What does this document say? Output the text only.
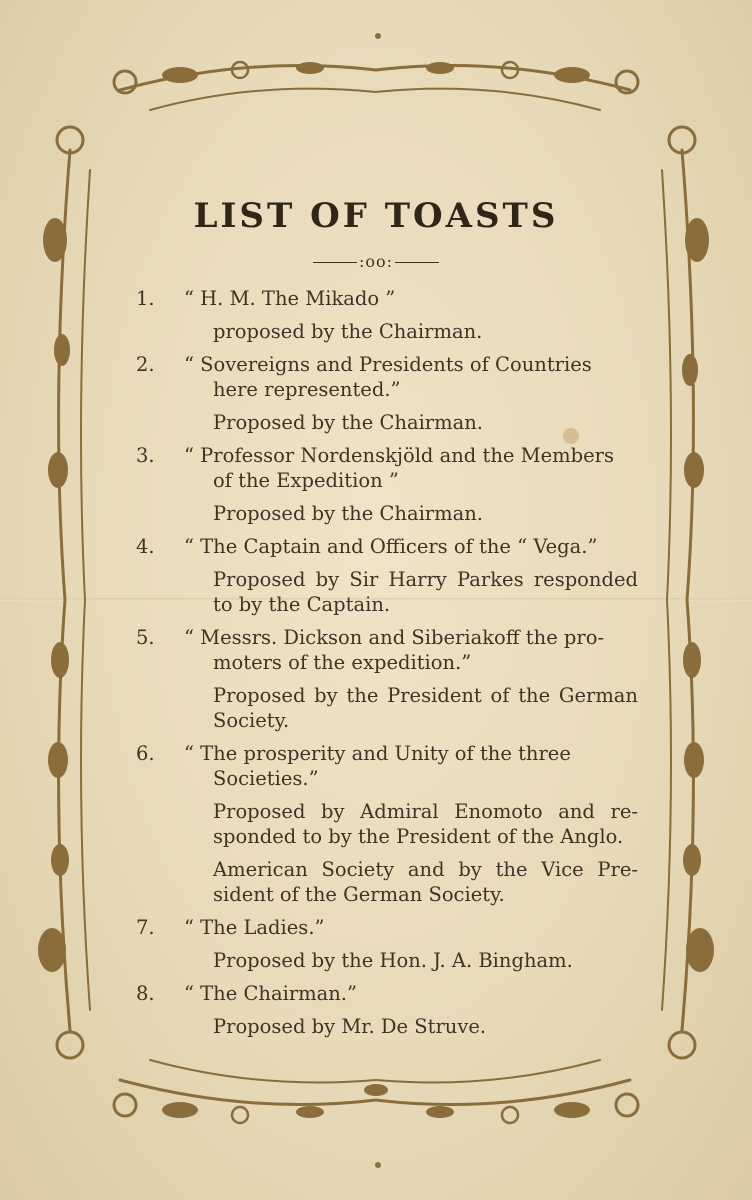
LIST OF TOASTS
:oo:
1.	“ H. M. The Mikado ”
proposed by the Chairman.
2.	“ Sovereigns and Presidents of Countries
here represented.”
Proposed by the Chairman.
3.	“ Professor Nordenskjöld and the Members
of the Expedition ”
Proposed by the Chairman.
4.	“ The Captain and Officers of the “ Vega.”
Proposed by Sir Harry Parkes responded to by the Captain.
5.	“ Messrs. Dickson and Siberiakoff the pro-
moters of the expedition.”
Proposed by the President of the German Society.
6.	“ The prosperity and Unity of the three
Societies.”
Proposed by Admiral Enomoto and re-sponded to by the President of the Anglo.
American Society and by the Vice Pre-sident of the German Society.
7.	“ The Ladies.”
Proposed by the Hon. J. A. Bingham.
8.	“ The Chairman.”
Proposed by Mr. De Struve.
